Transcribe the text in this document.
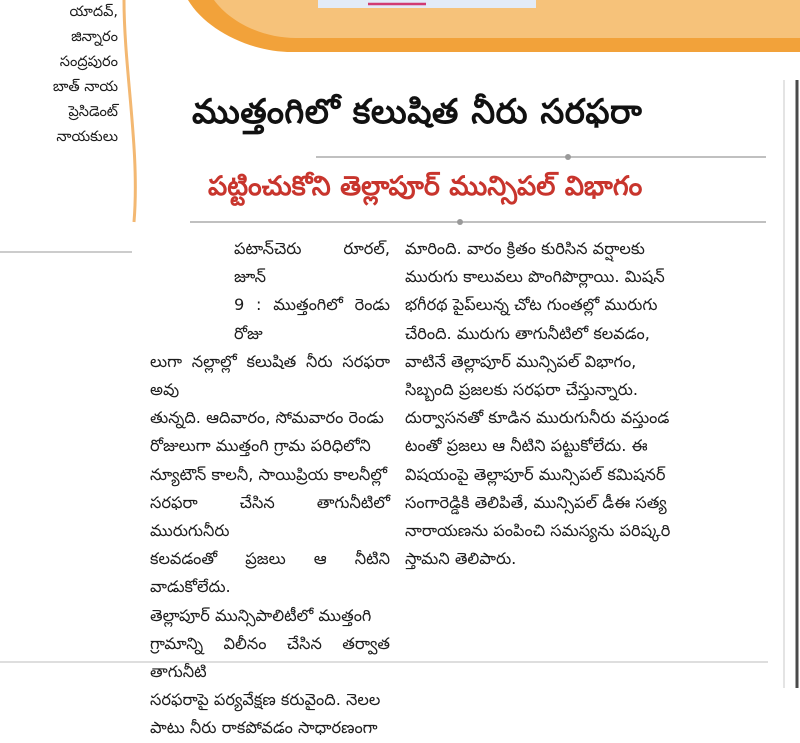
యాదవ్,
జిన్నారం
సంద్రపురం
బాత్ నాయ
ప్రెసిడెంట్
నాయకులు
ముత్తంగిలో కలుషిత నీరు సరఫరా
పట్టించుకోని తెల్లాపూర్ మున్సిపల్ విభాగం

పటాన్‌చెరు రూరల్, జూన్

9 : ముత్తంగిలో రెండు రోజు

లుగా నల్లాల్లో కలుషిత నీరు సరఫరా అవు

తున్నది. ఆదివారం, సోమవారం రెండు

రోజులుగా ముత్తంగి గ్రామ పరిధిలోని

న్యూటౌన్ కాలనీ, సాయిప్రియ కాలనీల్లో

సరఫరా చేసిన తాగునీటిలో మురుగునీరు

కలవడంతో ప్రజలు ఆ నీటిని వాడుకోలేదు.

తెల్లాపూర్ మున్సిపాలిటీలో ముత్తంగి

గ్రామాన్ని విలీనం చేసిన తర్వాత తాగునీటి

సరఫరాపై పర్యవేక్షణ కరువైంది. నెలల

పాటు నీరు రాకపోవడం సాధారణంగా

మారింది. వారం క్రితం కురిసిన వర్షాలకు

మురుగు కాలువలు పొంగిపొర్లాయి. మిషన్

భగీరథ పైప్‌లున్న చోట గుంతల్లో మురుగు

చేరింది. మురుగు తాగునీటిలో కలవడం,

వాటినే తెల్లాపూర్ మున్సిపల్ విభాగం,

సిబ్బంది ప్రజలకు సరఫరా చేస్తున్నారు.

దుర్వాసనతో కూడిన మురుగునీరు వస్తుండ

టంతో ప్రజలు ఆ నీటిని పట్టుకోలేదు. ఈ

విషయంపై తెల్లాపూర్ మున్సిపల్ కమిషనర్

సంగారెడ్డికి తెలిపితే, మున్సిపల్ డీఈ సత్య

నారాయణను పంపించి సమస్యను పరిష్కరి

స్తామని తెలిపారు.
